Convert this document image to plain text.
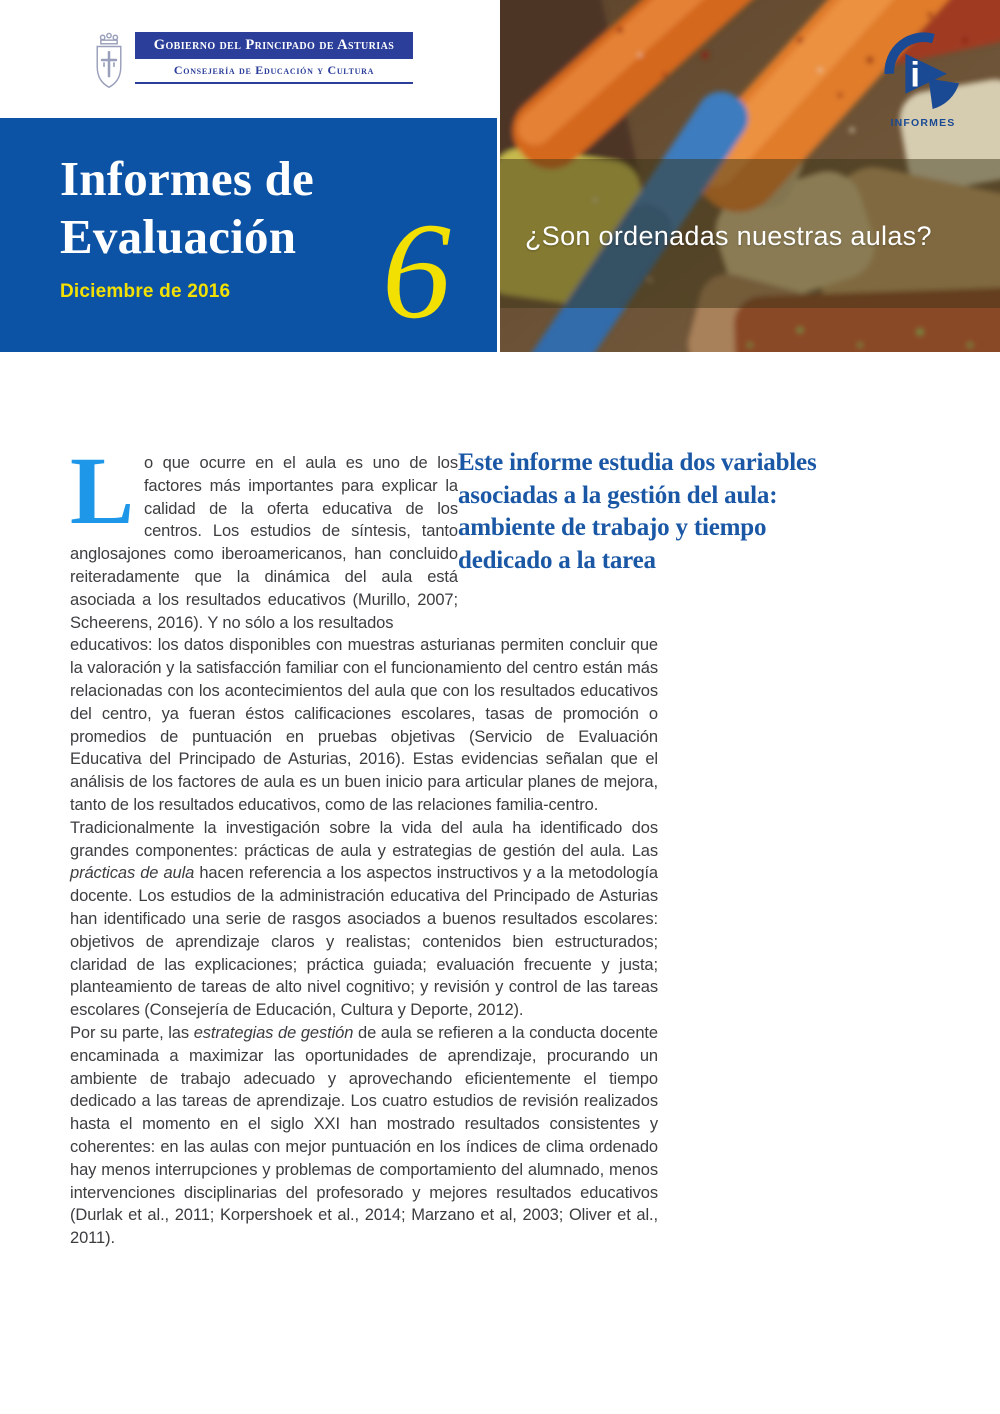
Gobierno del Principado de Asturias
Consejería de Educación y Cultura
Informes de
Evaluación
Diciembre de 2016 6	¿Son ordenadas nuestras aulas?
i
INFORMES

Lo que ocurre en el aula es uno de los factores más importantes para explicar la calidad de la oferta educativa de los centros. Los estudios de síntesis, tanto anglosajones como iberoamericanos, han concluido reiteradamente que la dinámica del aula está asociada a los resultados educativos (Murillo, 2007; Scheerens, 2016). Y no sólo a los resultados

Este informe estudia dos variables asociadas a la gestión del aula: ambiente de trabajo y tiempo dedicado a la tarea

educativos: los datos disponibles con muestras asturianas permiten concluir que la valoración y la satisfacción familiar con el funcionamiento del centro están más relacionadas con los acontecimientos del aula que con los resultados educativos del centro, ya fueran éstos calificaciones escolares, tasas de promoción o promedios de puntuación en pruebas objetivas (Servicio de Evaluación Educativa del Principado de Asturias, 2016). Estas evidencias señalan que el análisis de los factores de aula es un buen inicio para articular planes de mejora, tanto de los resultados educativos, como de las relaciones familia-centro.

Tradicionalmente la investigación sobre la vida del aula ha identificado dos grandes componentes: prácticas de aula y estrategias de gestión del aula. Las prácticas de aula hacen referencia a los aspectos instructivos y a la metodología docente. Los estudios de la administración educativa del Principado de Asturias han identificado una serie de rasgos asociados a buenos resultados escolares: objetivos de aprendizaje claros y realistas; contenidos bien estructurados; claridad de las explicaciones; práctica guiada; evaluación frecuente y justa; planteamiento de tareas de alto nivel cognitivo; y revisión y control de las tareas escolares (Consejería de Educación, Cultura y Deporte, 2012).

Por su parte, las estrategias de gestión de aula se refieren a la conducta docente encaminada a maximizar las oportunidades de aprendizaje, procurando un ambiente de trabajo adecuado y aprovechando eficientemente el tiempo dedicado a las tareas de aprendizaje. Los cuatro estudios de revisión realizados hasta el momento en el siglo XXI han mostrado resultados consistentes y coherentes: en las aulas con mejor puntuación en los índices de clima ordenado hay menos interrupciones y problemas de comportamiento del alumnado, menos intervenciones disciplinarias del profesorado y mejores resultados educativos (Durlak et al., 2011; Korpershoek et al., 2014; Marzano et al, 2003; Oliver et al., 2011).
